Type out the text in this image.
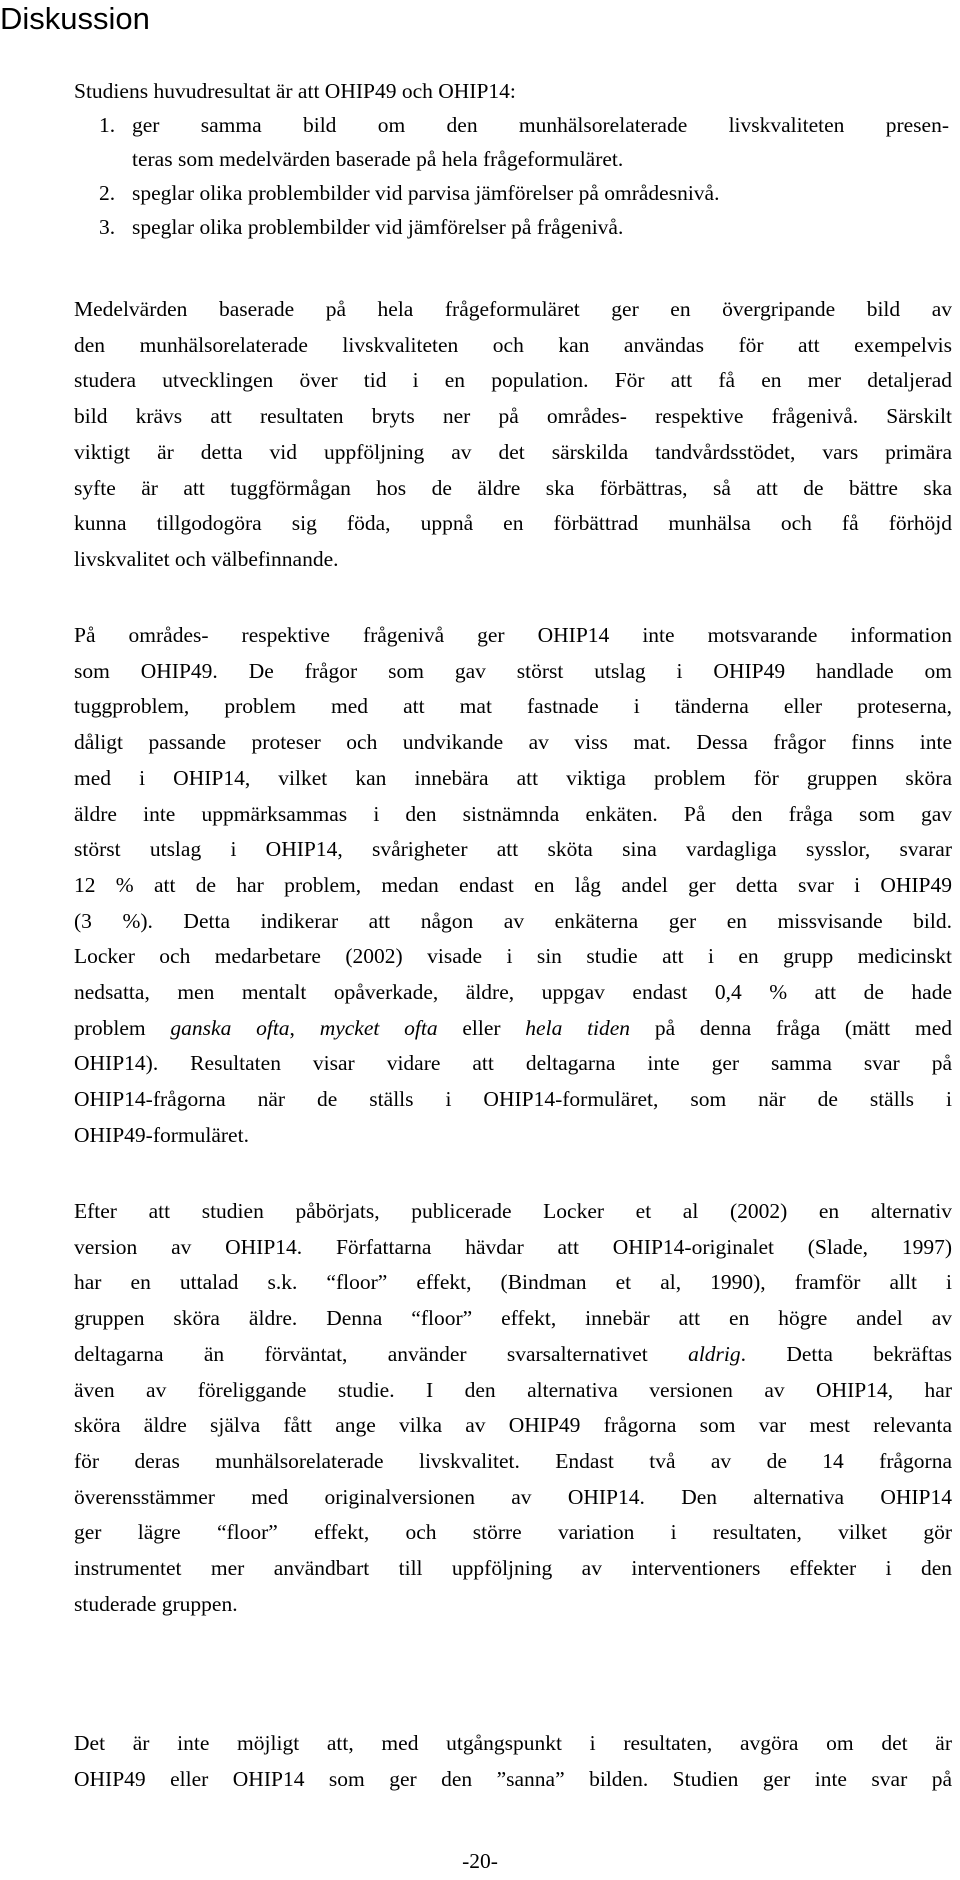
Diskussion
Studiens huvudresultat är att OHIP49 och OHIP14:
1. ger samma bild om den munhälsorelaterade livskvaliteten presen-

teras som medelvärden baserade på hela frågeformuläret.

2. speglar olika problembilder vid parvisa jämförelser på områdesnivå.
3. speglar olika problembilder vid jämförelser på frågenivå.

Medelvärden baserade på hela frågeformuläret ger en övergripande bild av

den munhälsorelaterade livskvaliteten och kan användas för att exempelvis

studera utvecklingen över tid i en population. För att få en mer detaljerad

bild krävs att resultaten bryts ner på områdes- respektive frågenivå. Särskilt

viktigt är detta vid uppföljning av det särskilda tandvårdsstödet, vars primära

syfte är att tuggförmågan hos de äldre ska förbättras, så att de bättre ska

kunna tillgodogöra sig föda, uppnå en förbättrad munhälsa och få förhöjd

livskvalitet och välbefinnande.

På områdes- respektive frågenivå ger OHIP14 inte motsvarande information

som OHIP49. De frågor som gav störst utslag i OHIP49 handlade om

tuggproblem, problem med att mat fastnade i tänderna eller proteserna,

dåligt passande proteser och undvikande av viss mat. Dessa frågor finns inte

med i OHIP14, vilket kan innebära att viktiga problem för gruppen sköra

äldre inte uppmärksammas i den sistnämnda enkäten. På den fråga som gav

störst utslag i OHIP14, svårigheter att sköta sina vardagliga sysslor, svarar

12 % att de har problem, medan endast en låg andel ger detta svar i OHIP49

(3 %). Detta indikerar att någon av enkäterna ger en missvisande bild.

Locker och medarbetare (2002) visade i sin studie att i en grupp medicinskt

nedsatta, men mentalt opåverkade, äldre, uppgav endast 0,4 % att de hade

problem ganska ofta, mycket ofta eller hela tiden på denna fråga (mätt med

OHIP14). Resultaten visar vidare att deltagarna inte ger samma svar på

OHIP14-frågorna när de ställs i OHIP14-formuläret, som när de ställs i

OHIP49-formuläret.

Efter att studien påbörjats, publicerade Locker et al (2002) en alternativ

version av OHIP14. Författarna hävdar att OHIP14-originalet (Slade, 1997)

har en uttalad s.k. “floor” effekt, (Bindman et al, 1990), framför allt i

gruppen sköra äldre. Denna “floor” effekt, innebär att en högre andel av

deltagarna än förväntat, använder svarsalternativet aldrig. Detta bekräftas

även av föreliggande studie. I den alternativa versionen av OHIP14, har

sköra äldre själva fått ange vilka av OHIP49 frågorna som var mest relevanta

för deras munhälsorelaterade livskvalitet. Endast två av de 14 frågorna

överensstämmer med originalversionen av OHIP14. Den alternativa OHIP14

ger lägre “floor” effekt, och större variation i resultaten, vilket gör

instrumentet mer användbart till uppföljning av interventioners effekter i den

studerade gruppen.

Det är inte möjligt att, med utgångspunkt i resultaten, avgöra om det är

OHIP49 eller OHIP14 som ger den ”sanna” bilden. Studien ger inte svar på

-20-
